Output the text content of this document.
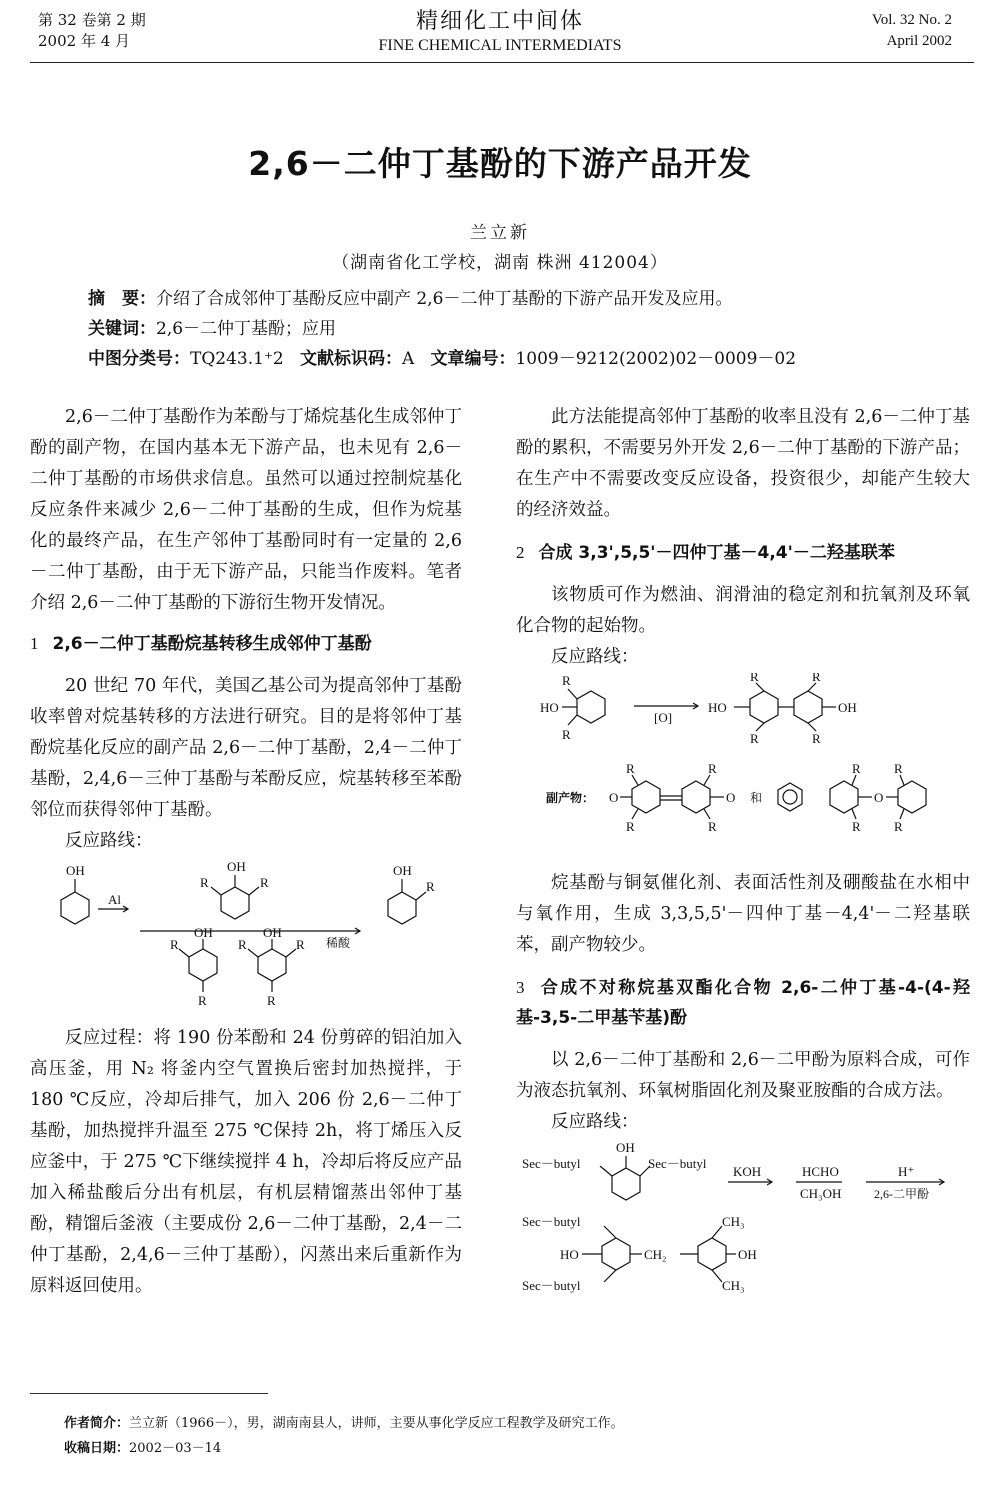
第 32 卷第 2 期
2002 年 4 月
精细化工中间体
FINE CHEMICAL INTERMEDIATS
Vol. 32 No. 2
April 2002
2,6－二仲丁基酚的下游产品开发
兰立新
（湖南省化工学校，湖南 株洲 412004）
摘　要：介绍了合成邻仲丁基酚反应中副产 2,6－二仲丁基酚的下游产品开发及应用。
关键词：2,6－二仲丁基酚；应用
中图分类号：TQ243.1⁺2 文献标识码：A 文章编号：1009－9212(2002)02－0009－02

2,6－二仲丁基酚作为苯酚与丁烯烷基化生成邻仲丁酚的副产物，在国内基本无下游产品，也未见有 2,6－二仲丁基酚的市场供求信息。虽然可以通过控制烷基化反应条件来减少 2,6－二仲丁基酚的生成，但作为烷基化的最终产品，在生产邻仲丁基酚同时有一定量的 2,6－二仲丁基酚，由于无下游产品，只能当作废料。笔者介绍 2,6－二仲丁基酚的下游衍生物开发情况。

1 2,6－二仲丁基酚烷基转移生成邻仲丁基酚

20 世纪 70 年代，美国乙基公司为提高邻仲丁基酚收率曾对烷基转移的方法进行研究。目的是将邻仲丁基酚烷基化反应的副产品 2,6－二仲丁基酚，2,4－二仲丁基酚，2,4,6－三仲丁基酚与苯酚反应，烷基转移至苯酚邻位而获得邻仲丁基酚。

反应路线：
OH
Al
OH
R	R
OH
R
R
OH
R	R
R
稀酸
OH
R

反应过程：将 190 份苯酚和 24 份剪碎的铝泊加入高压釜，用 N₂ 将釜内空气置换后密封加热搅拌，于 180 ℃反应，冷却后排气，加入 206 份 2,6－二仲丁基酚，加热搅拌升温至 275 ℃保持 2h，将丁烯压入反应釜中，于 275 ℃下继续搅拌 4 h，冷却后将反应产品加入稀盐酸后分出有机层，有机层精馏蒸出邻仲丁基酚，精馏后釜液（主要成份 2,6－二仲丁基酚，2,4－二仲丁基酚，2,4,6－三仲丁基酚），闪蒸出来后重新作为原料返回使用。

此方法能提高邻仲丁基酚的收率且没有 2,6－二仲丁基酚的累积，不需要另外开发 2,6－二仲丁基酚的下游产品；在生产中不需要改变反应设备，投资很少，却能产生较大的经济效益。

2 合成 3,3',5,5'－四仲丁基－4,4'－二羟基联苯

该物质可作为燃油、润滑油的稳定剂和抗氧剂及环氧化合物的起始物。

反应路线：
R
R
HO
[O]
HO	OH
R
R
R
R
副产物： O	O
R
R
R
R
和	O
R
R
R
R

烷基酚与铜氨催化剂、表面活性剂及硼酸盐在水相中与氧作用，生成 3,3,5,5'－四仲丁基－4,4'－二羟基联苯，副产物较少。

3 合成不对称烷基双酯化合物 2,6-二仲丁基-4-(4-羟基-3,5-二甲基苄基)酚

以 2,6－二仲丁基酚和 2,6－二甲酚为原料合成，可作为液态抗氧剂、环氧树脂固化剂及聚亚胺酯的合成方法。

反应路线：
Sec－butyl
OH
Sec－butyl
KOH	HCHO
CH₃OH
H⁺
2,6-二甲酚
Sec－butyl
HO
Sec－butyl
CH₂
CH₃
OH
CH₃
作者简介：兰立新（1966－），男，湖南南县人，讲师，主要从事化学反应工程教学及研究工作。
收稿日期：2002－03－14
